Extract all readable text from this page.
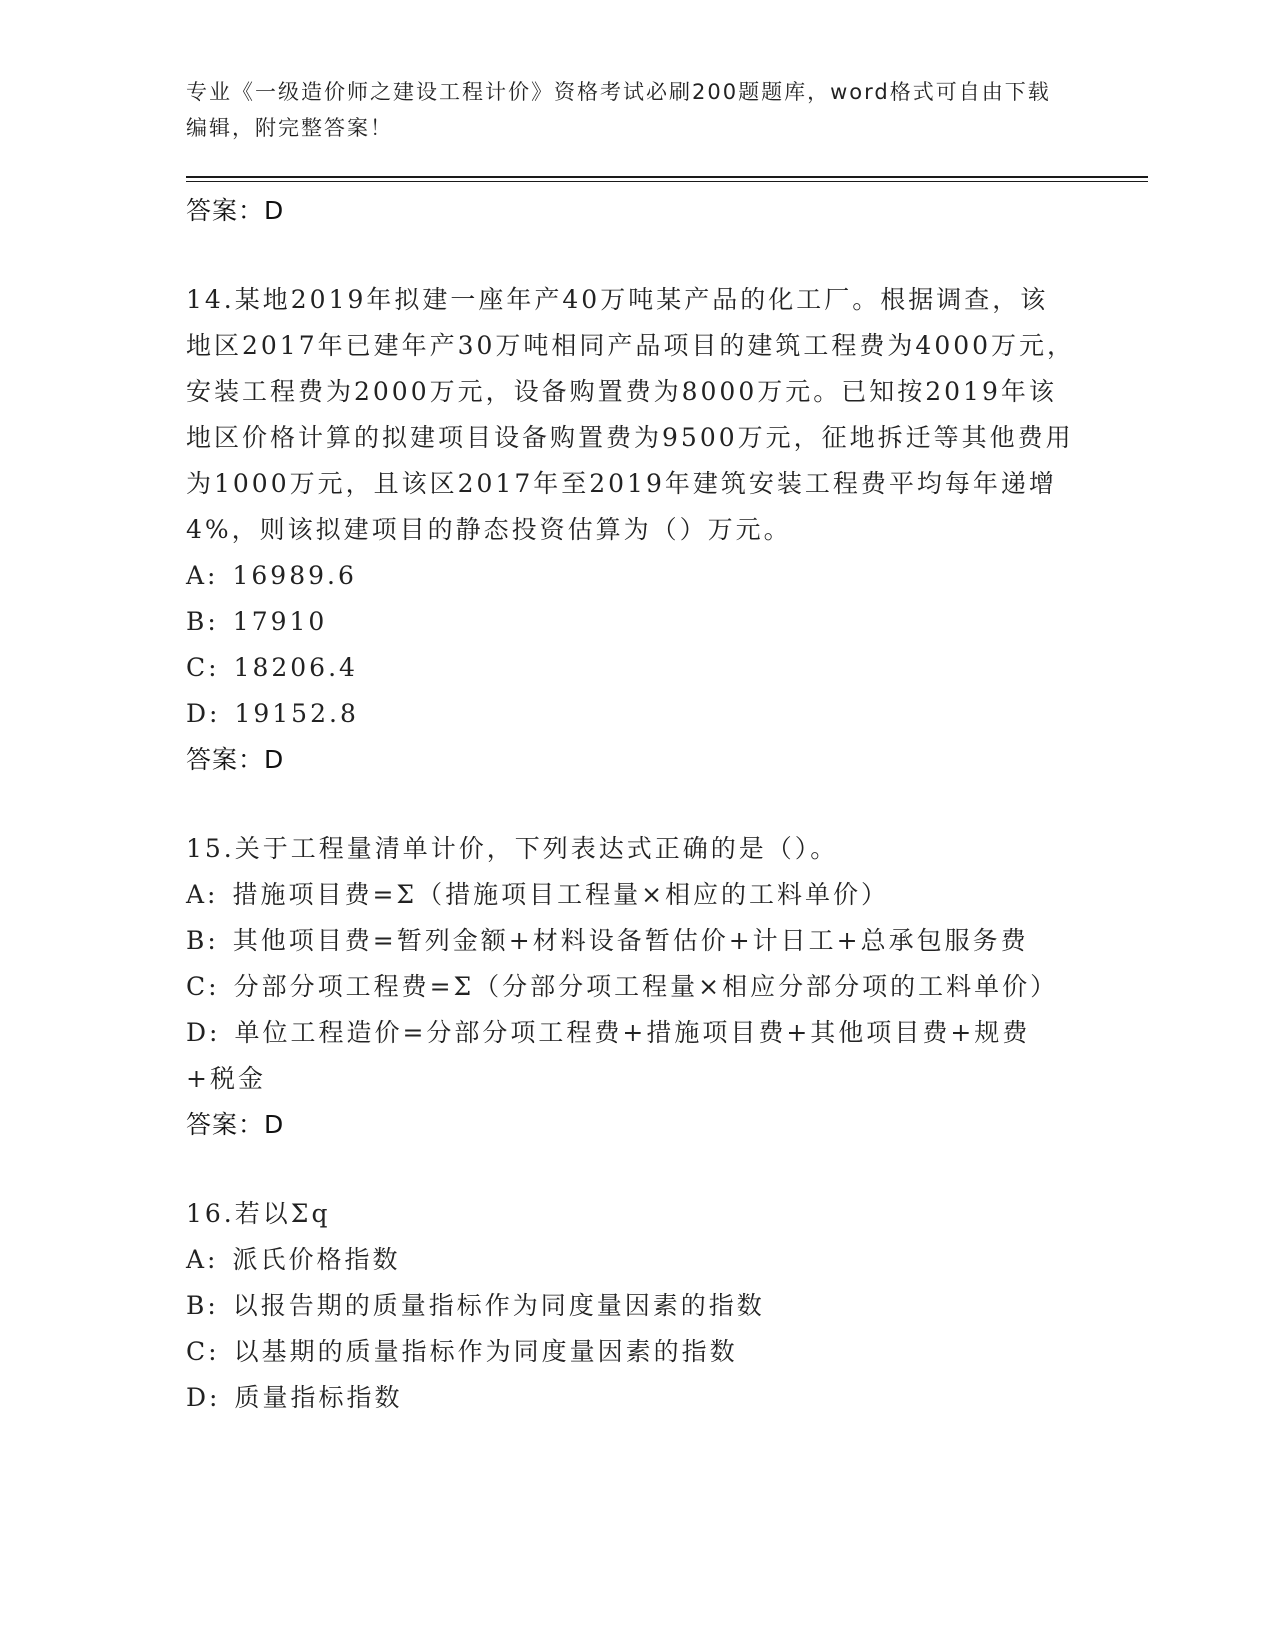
专业《一级造价师之建设工程计价》资格考试必刷200题题库，word格式可自由下载编辑，附完整答案！

答案：D

14.某地2019年拟建一座年产40万吨某产品的化工厂。根据调查，该地区2017年已建年产30万吨相同产品项目的建筑工程费为4000万元，安装工程费为2000万元，设备购置费为8000万元。已知按2019年该地区价格计算的拟建项目设备购置费为9500万元，征地拆迁等其他费用为1000万元，且该区2017年至2019年建筑安装工程费平均每年递增4%，则该拟建项目的静态投资估算为（）万元。

A: 16989.6

B: 17910

C: 18206.4

D: 19152.8

答案：D

15.关于工程量清单计价，下列表达式正确的是（）。

A: 措施项目费=Σ（措施项目工程量×相应的工料单价）

B: 其他项目费=暂列金额+材料设备暂估价+计日工+总承包服务费

C: 分部分项工程费=Σ（分部分项工程量×相应分部分项的工料单价）

D: 单位工程造价=分部分项工程费+措施项目费+其他项目费+规费+税金

答案：D

16.若以Σq

A: 派氏价格指数

B: 以报告期的质量指标作为同度量因素的指数

C: 以基期的质量指标作为同度量因素的指数

D: 质量指标指数
